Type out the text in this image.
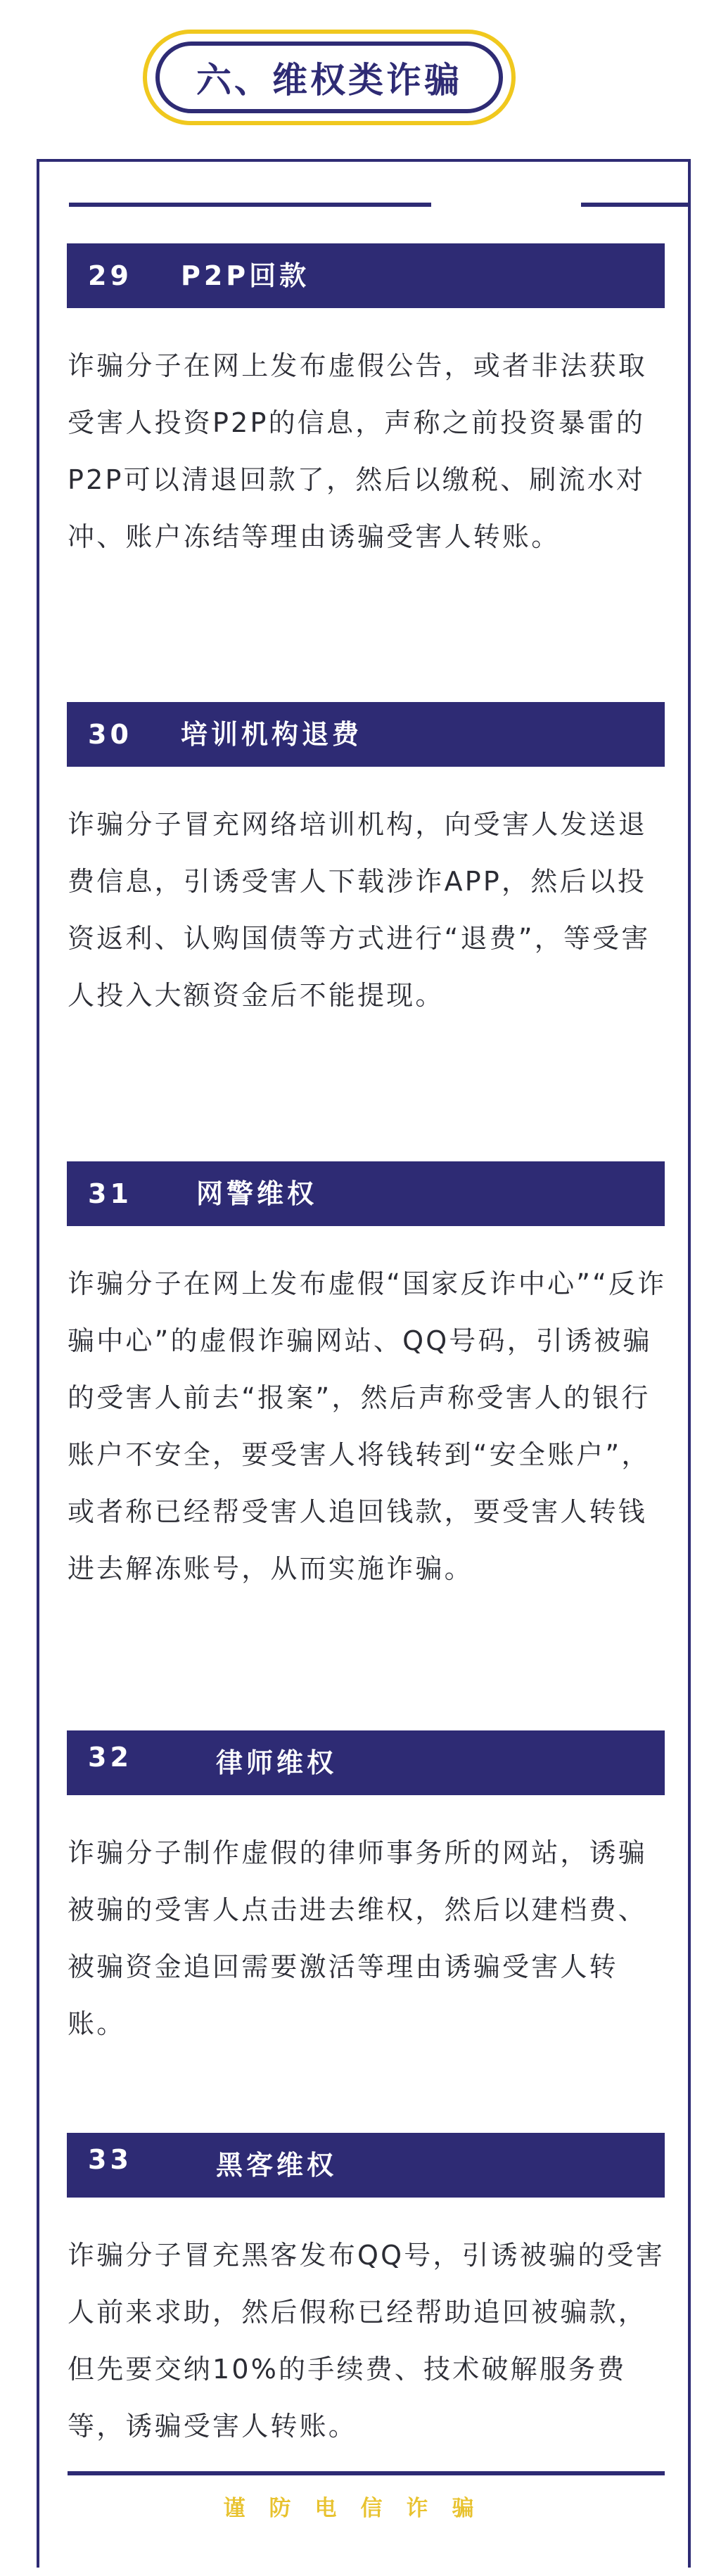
六、维权类诈骗
29 P2P回款

诈骗分子在网上发布虚假公告，或者非法获取受害人投资P2P的信息，声称之前投资暴雷的P2P可以清退回款了，然后以缴税、刷流水对冲、账户冻结等理由诱骗受害人转账。

30 培训机构退费

诈骗分子冒充网络培训机构，向受害人发送退费信息，引诱受害人下载涉诈APP，然后以投资返利、认购国债等方式进行“退费”，等受害人投入大额资金后不能提现。

31 网警维权

诈骗分子在网上发布虚假“国家反诈中心”“反诈骗中心”的虚假诈骗网站、QQ号码，引诱被骗的受害人前去“报案”，然后声称受害人的银行账户不安全，要受害人将钱转到“安全账户”，或者称已经帮受害人追回钱款，要受害人转钱进去解冻账号，从而实施诈骗。

32	律师维权

诈骗分子制作虚假的律师事务所的网站，诱骗被骗的受害人点击进去维权，然后以建档费、被骗资金追回需要激活等理由诱骗受害人转账。

33	黑客维权

诈骗分子冒充黑客发布QQ号，引诱被骗的受害人前来求助，然后假称已经帮助追回被骗款，但先要交纳10%的手续费、技术破解服务费等，诱骗受害人转账。

谨防电信诈骗
